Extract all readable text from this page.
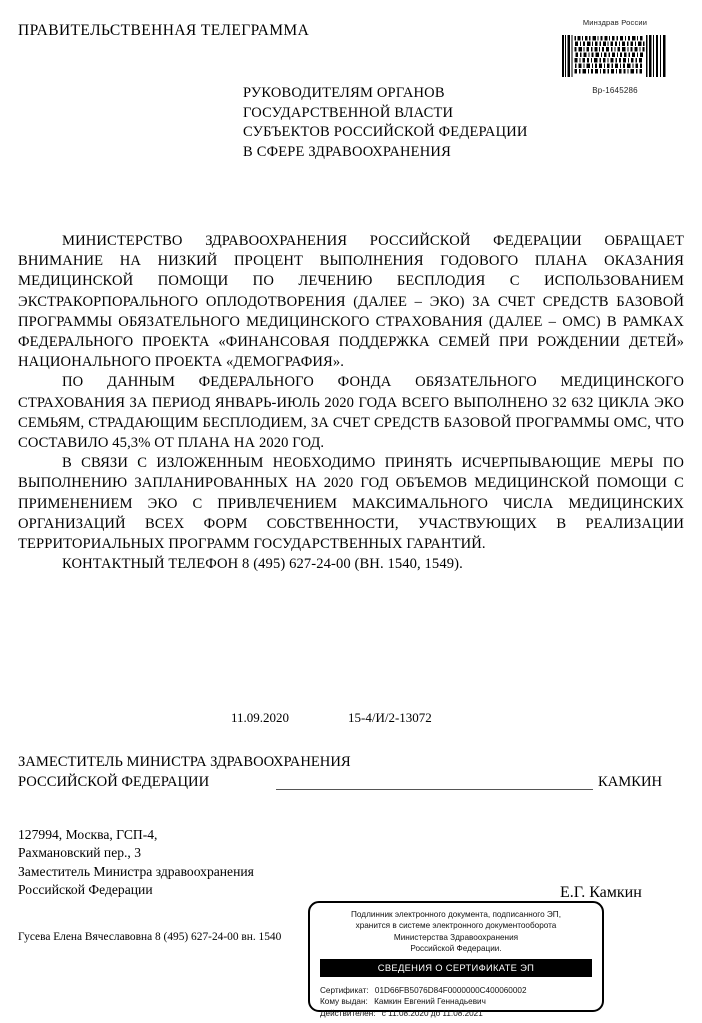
ПРАВИТЕЛЬСТВЕННАЯ ТЕЛЕГРАММА	Минздрав России
Вр-1645286
РУКОВОДИТЕЛЯМ ОРГАНОВ
ГОСУДАРСТВЕННОЙ ВЛАСТИ
СУБЪЕКТОВ РОССИЙСКОЙ ФЕДЕРАЦИИ
В СФЕРЕ ЗДРАВООХРАНЕНИЯ

МИНИСТЕРСТВО ЗДРАВООХРАНЕНИЯ РОССИЙСКОЙ ФЕДЕРАЦИИ ОБРАЩАЕТ ВНИМАНИЕ НА НИЗКИЙ ПРОЦЕНТ ВЫПОЛНЕНИЯ ГОДОВОГО ПЛАНА ОКАЗАНИЯ МЕДИЦИНСКОЙ ПОМОЩИ ПО ЛЕЧЕНИЮ БЕСПЛОДИЯ С ИСПОЛЬЗОВАНИЕМ ЭКСТРАКОРПОРАЛЬНОГО ОПЛОДОТВОРЕНИЯ (ДАЛЕЕ – ЭКО) ЗА СЧЕТ СРЕДСТВ БАЗОВОЙ ПРОГРАММЫ ОБЯЗАТЕЛЬНОГО МЕДИЦИНСКОГО СТРАХОВАНИЯ (ДАЛЕЕ – ОМС) В РАМКАХ ФЕДЕРАЛЬНОГО ПРОЕКТА «ФИНАНСОВАЯ ПОДДЕРЖКА СЕМЕЙ ПРИ РОЖДЕНИИ ДЕТЕЙ» НАЦИОНАЛЬНОГО ПРОЕКТА «ДЕМОГРАФИЯ».

ПО ДАННЫМ ФЕДЕРАЛЬНОГО ФОНДА ОБЯЗАТЕЛЬНОГО МЕДИЦИНСКОГО СТРАХОВАНИЯ ЗА ПЕРИОД ЯНВАРЬ-ИЮЛЬ 2020 ГОДА ВСЕГО ВЫПОЛНЕНО 32 632 ЦИКЛА ЭКО СЕМЬЯМ, СТРАДАЮЩИМ БЕСПЛОДИЕМ, ЗА СЧЕТ СРЕДСТВ БАЗОВОЙ ПРОГРАММЫ ОМС, ЧТО СОСТАВИЛО 45,3% ОТ ПЛАНА НА 2020 ГОД.

В СВЯЗИ С ИЗЛОЖЕННЫМ НЕОБХОДИМО ПРИНЯТЬ ИСЧЕРПЫВАЮЩИЕ МЕРЫ ПО ВЫПОЛНЕНИЮ ЗАПЛАНИРОВАННЫХ НА 2020 ГОД ОБЪЕМОВ МЕДИЦИНСКОЙ ПОМОЩИ С ПРИМЕНЕНИЕМ ЭКО С ПРИВЛЕЧЕНИЕМ МАКСИМАЛЬНОГО ЧИСЛА МЕДИЦИНСКИХ ОРГАНИЗАЦИЙ ВСЕХ ФОРМ СОБСТВЕННОСТИ, УЧАСТВУЮЩИХ В РЕАЛИЗАЦИИ ТЕРРИТОРИАЛЬНЫХ ПРОГРАММ ГОСУДАРСТВЕННЫХ ГАРАНТИЙ.

КОНТАКТНЫЙ ТЕЛЕФОН 8 (495) 627-24-00 (ВН. 1540, 1549).

11.09.2020	15-4/И/2-13072
ЗАМЕСТИТЕЛЬ МИНИСТРА ЗДРАВООХРАНЕНИЯ
РОССИЙСКОЙ ФЕДЕРАЦИИ	КАМКИН
127994, Москва, ГСП-4,
Рахмановский пер., 3
Заместитель Министра здравоохранения
Российской Федерации
Гусева Елена Вячеславовна 8 (495) 627-24-00 вн. 1540
Е.Г. Камкин
Подлинник электронного документа, подписанного ЭП,
хранится в системе электронного документооборота
Министерства Здравоохранения
Российской Федерации.
СВЕДЕНИЯ О СЕРТИФИКАТЕ ЭП
Сертификат: 01D66FB5076D84F0000000C400060002
Кому выдан: Камкин Евгений Геннадьевич
Действителен: с 11.08.2020 до 11.08.2021
